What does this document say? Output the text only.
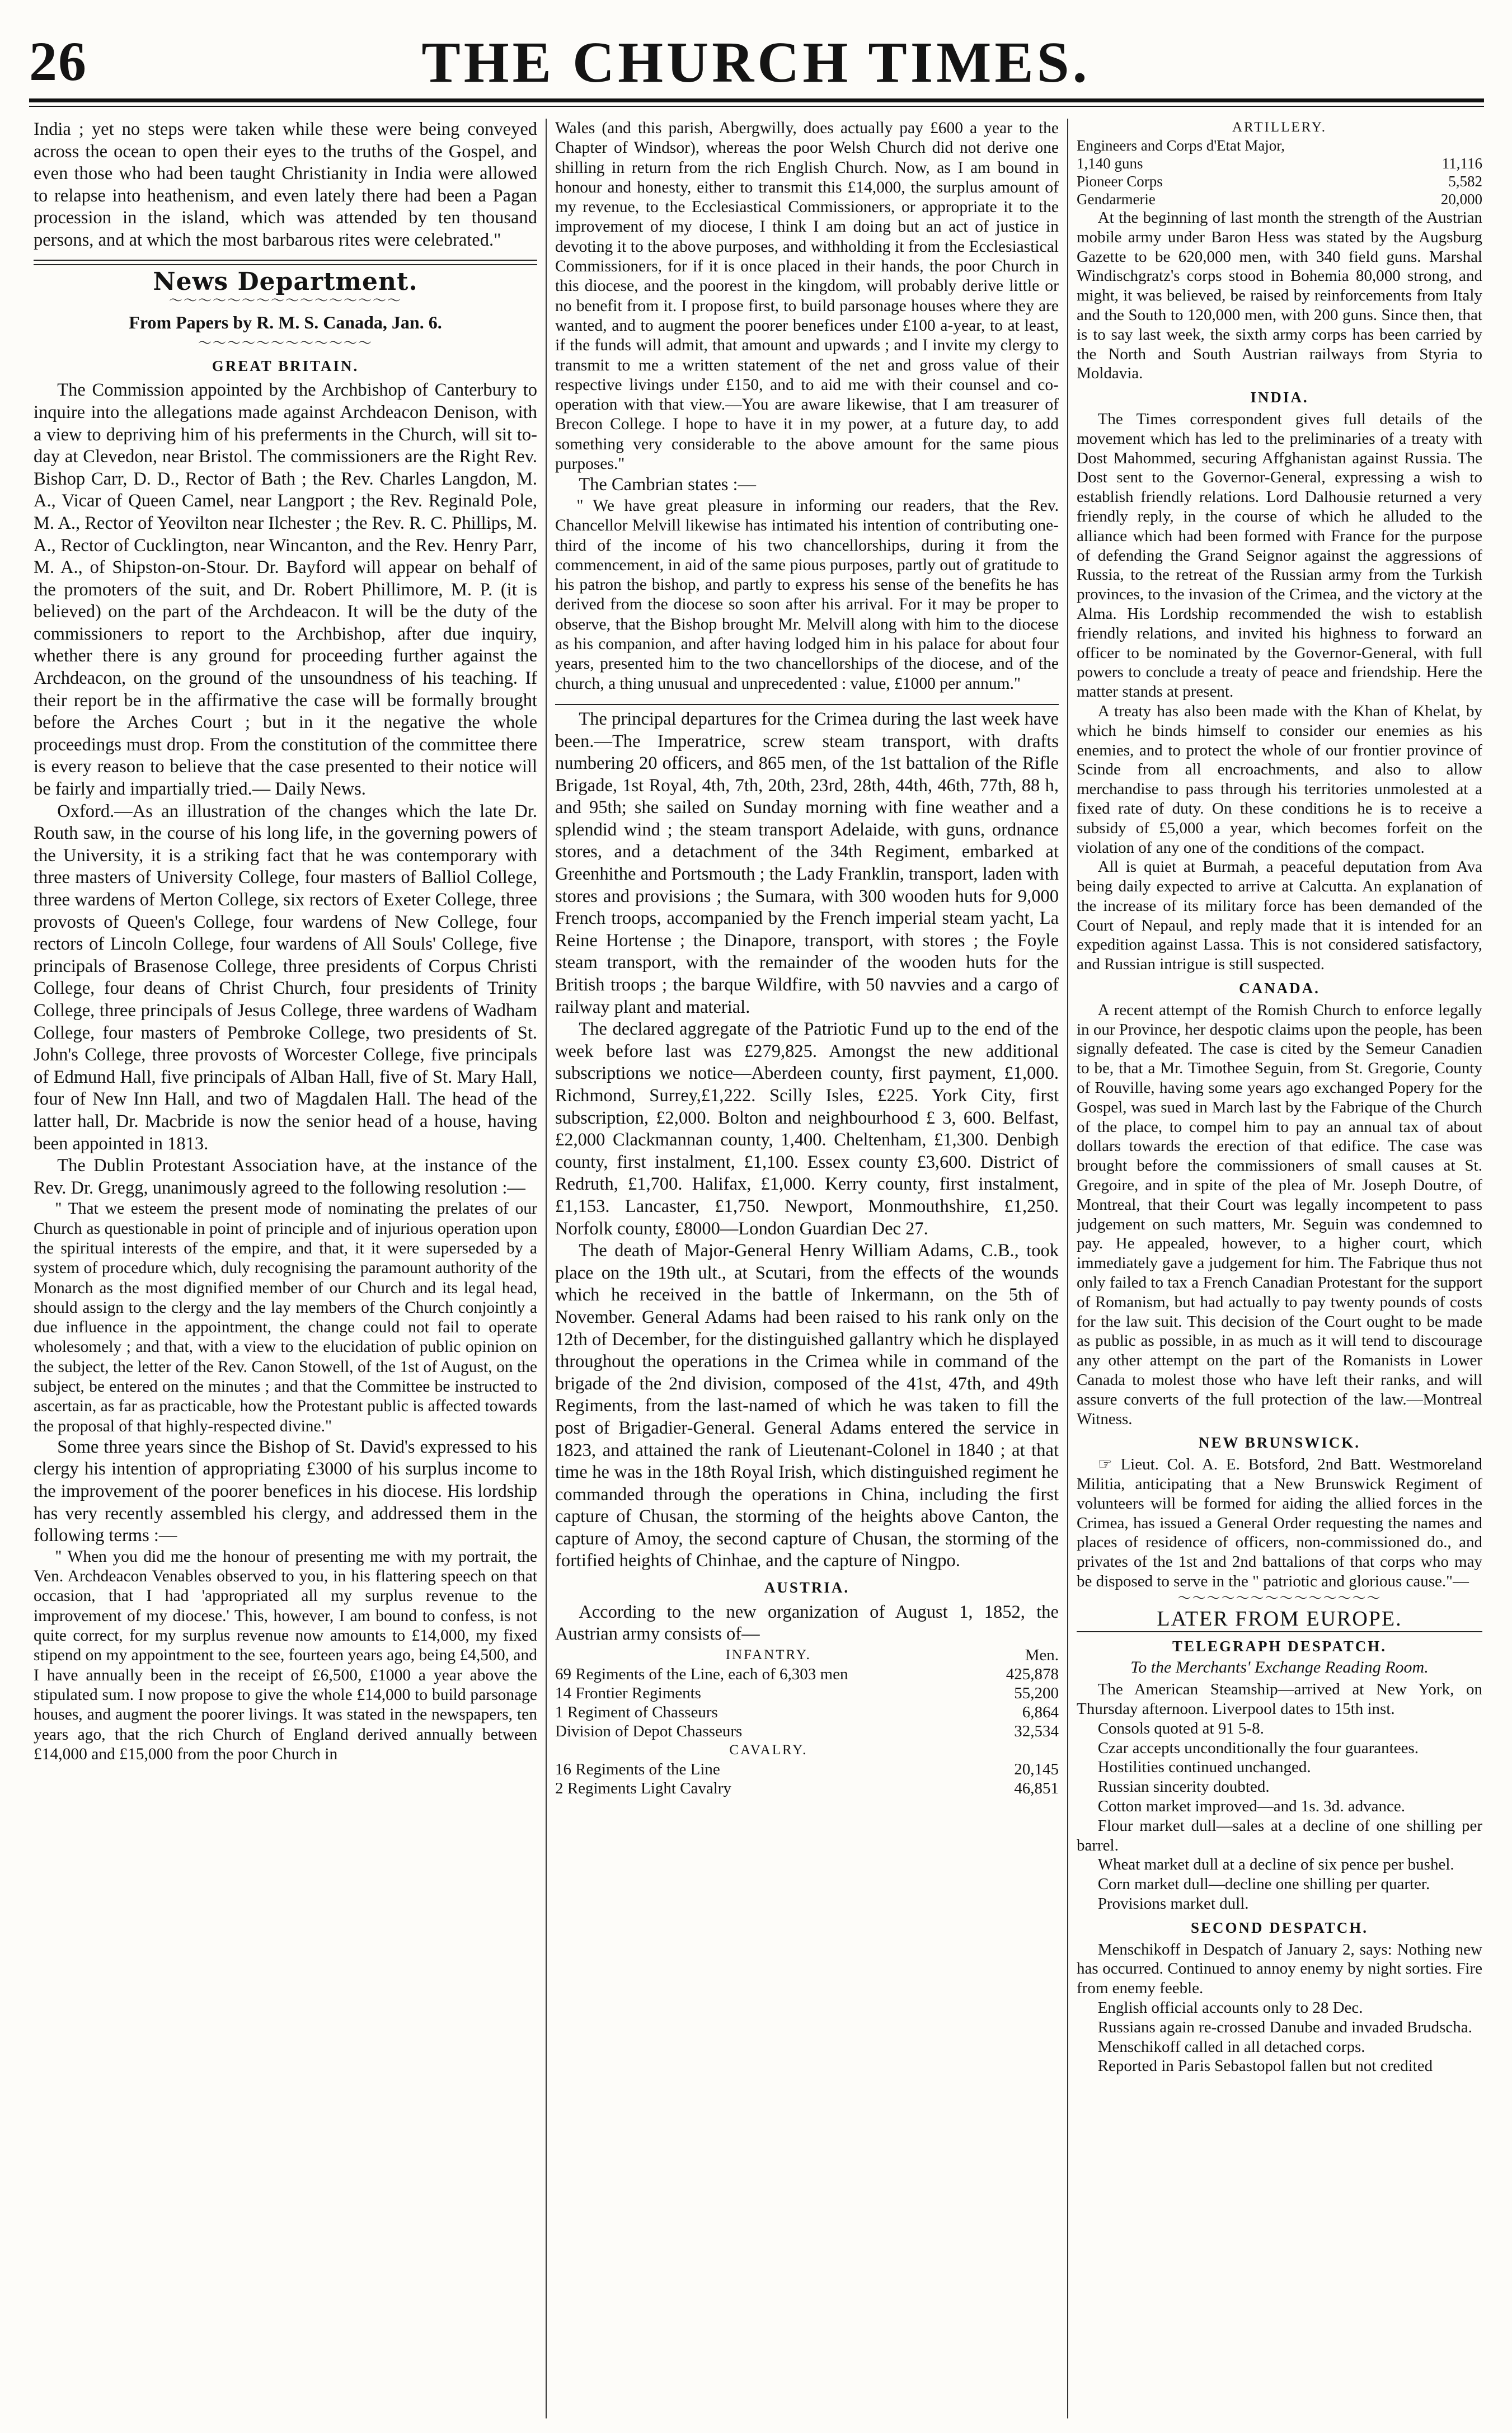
26	THE CHURCH TIMES.

India ; yet no steps were taken while these were being conveyed across the ocean to open their eyes to the truths of the Gospel, and even those who had been taught Christianity in India were allowed to relapse into heathenism, and even lately there had been a Pagan procession in the island, which was attended by ten thousand persons, and at which the most barbarous rites were celebrated."

News Department.
〜〜〜〜〜〜〜〜〜〜〜〜〜〜〜〜
From Papers by R. M. S. Canada, Jan. 6.
〜〜〜〜〜〜〜〜〜〜〜〜
GREAT BRITAIN.

The Commission appointed by the Archbishop of Canterbury to inquire into the allegations made against Archdeacon Denison, with a view to depriving him of his preferments in the Church, will sit to-day at Clevedon, near Bristol. The commissioners are the Right Rev. Bishop Carr, D. D., Rector of Bath ; the Rev. Charles Langdon, M. A., Vicar of Queen Camel, near Langport ; the Rev. Reginald Pole, M. A., Rector of Yeovilton near Ilchester ; the Rev. R. C. Phillips, M. A., Rector of Cucklington, near Wincanton, and the Rev. Henry Parr, M. A., of Shipston-on-Stour. Dr. Bayford will appear on behalf of the promoters of the suit, and Dr. Robert Phillimore, M. P. (it is believed) on the part of the Archdeacon. It will be the duty of the commissioners to report to the Archbishop, after due inquiry, whether there is any ground for proceeding further against the Archdeacon, on the ground of the unsoundness of his teaching. If their report be in the affirmative the case will be formally brought before the Arches Court ; but in it the negative the whole proceedings must drop. From the constitution of the committee there is every reason to believe that the case presented to their notice will be fairly and impartially tried.— Daily News.

Oxford.—As an illustration of the changes which the late Dr. Routh saw, in the course of his long life, in the governing powers of the University, it is a striking fact that he was contemporary with three masters of University College, four masters of Balliol College, three wardens of Merton College, six rectors of Exeter College, three provosts of Queen's College, four wardens of New College, four rectors of Lincoln College, four wardens of All Souls' College, five principals of Brasenose College, three presidents of Corpus Christi College, four deans of Christ Church, four presidents of Trinity College, three principals of Jesus College, three wardens of Wadham College, four masters of Pembroke College, two presidents of St. John's College, three provosts of Worcester College, five principals of Edmund Hall, five principals of Alban Hall, five of St. Mary Hall, four of New Inn Hall, and two of Magdalen Hall. The head of the latter hall, Dr. Macbride is now the senior head of a house, having been appointed in 1813.

The Dublin Protestant Association have, at the instance of the Rev. Dr. Gregg, unanimously agreed to the following resolution :—

" That we esteem the present mode of nominating the prelates of our Church as questionable in point of principle and of injurious operation upon the spiritual interests of the empire, and that, it it were superseded by a system of procedure which, duly recognising the paramount authority of the Monarch as the most dignified member of our Church and its legal head, should assign to the clergy and the lay members of the Church conjointly a due influence in the appointment, the change could not fail to operate wholesomely ; and that, with a view to the elucidation of public opinion on the subject, the letter of the Rev. Canon Stowell, of the 1st of August, on the subject, be entered on the minutes ; and that the Committee be instructed to ascertain, as far as practicable, how the Protestant public is affected towards the proposal of that highly-respected divine."

Some three years since the Bishop of St. David's expressed to his clergy his intention of appropriating £3000 of his surplus income to the improvement of the poorer benefices in his diocese. His lordship has very recently assembled his clergy, and addressed them in the following terms :—

" When you did me the honour of presenting me with my portrait, the Ven. Archdeacon Venables observed to you, in his flattering speech on that occasion, that I had 'appropriated all my surplus revenue to the improvement of my diocese.' This, however, I am bound to confess, is not quite correct, for my surplus revenue now amounts to £14,000, my fixed stipend on my appointment to the see, fourteen years ago, being £4,500, and I have annually been in the receipt of £6,500, £1000 a year above the stipulated sum. I now propose to give the whole £14,000 to build parsonage houses, and augment the poorer livings. It was stated in the newspapers, ten years ago, that the rich Church of England derived annually between £14,000 and £15,000 from the poor Church in

Wales (and this parish, Abergwilly, does actually pay £600 a year to the Chapter of Windsor), whereas the poor Welsh Church did not derive one shilling in return from the rich English Church. Now, as I am bound in honour and honesty, either to transmit this £14,000, the surplus amount of my revenue, to the Ecclesiastical Commissioners, or appropriate it to the improvement of my diocese, I think I am doing but an act of justice in devoting it to the above purposes, and withholding it from the Ecclesiastical Commissioners, for if it is once placed in their hands, the poor Church in this diocese, and the poorest in the kingdom, will probably derive little or no benefit from it. I propose first, to build parsonage houses where they are wanted, and to augment the poorer benefices under £100 a-year, to at least, if the funds will admit, that amount and upwards ; and I invite my clergy to transmit to me a written statement of the net and gross value of their respective livings under £150, and to aid me with their counsel and co-operation with that view.—You are aware likewise, that I am treasurer of Brecon College. I hope to have it in my power, at a future day, to add something very considerable to the above amount for the same pious purposes."

The Cambrian states :—

" We have great pleasure in informing our readers, that the Rev. Chancellor Melvill likewise has intimated his intention of contributing one-third of the income of his two chancellorships, during it from the commencement, in aid of the same pious purposes, partly out of gratitude to his patron the bishop, and partly to express his sense of the benefits he has derived from the diocese so soon after his arrival. For it may be proper to observe, that the Bishop brought Mr. Melvill along with him to the diocese as his companion, and after having lodged him in his palace for about four years, presented him to the two chancellorships of the diocese, and of the church, a thing unusual and unprecedented : value, £1000 per annum."

The principal departures for the Crimea during the last week have been.—The Imperatrice, screw steam transport, with drafts numbering 20 officers, and 865 men, of the 1st battalion of the Rifle Brigade, 1st Royal, 4th, 7th, 20th, 23rd, 28th, 44th, 46th, 77th, 88 h, and 95th; she sailed on Sunday morning with fine weather and a splendid wind ; the steam transport Adelaide, with guns, ordnance stores, and a detachment of the 34th Regiment, embarked at Greenhithe and Portsmouth ; the Lady Franklin, transport, laden with stores and provisions ; the Sumara, with 300 wooden huts for 9,000 French troops, accompanied by the French imperial steam yacht, La Reine Hortense ; the Dinapore, transport, with stores ; the Foyle steam transport, with the remainder of the wooden huts for the British troops ; the barque Wildfire, with 50 navvies and a cargo of railway plant and material.

The declared aggregate of the Patriotic Fund up to the end of the week before last was £279,825. Amongst the new additional subscriptions we notice—Aberdeen county, first payment, £1,000. Richmond, Surrey,£1,222. Scilly Isles, £225. York City, first subscription, £2,000. Bolton and neighbourhood £ 3, 600. Belfast, £2,000 Clackmannan county, 1,400. Cheltenham, £1,300. Denbigh county, first instalment, £1,100. Essex county £3,600. District of Redruth, £1,700. Halifax, £1,000. Kerry county, first instalment, £1,153. Lancaster, £1,750. Newport, Monmouthshire, £1,250. Norfolk county, £8000—London Guardian Dec 27.

The death of Major-General Henry William Adams, C.B., took place on the 19th ult., at Scutari, from the effects of the wounds which he received in the battle of Inkermann, on the 5th of November. General Adams had been raised to his rank only on the 12th of December, for the distinguished gallantry which he displayed throughout the operations in the Crimea while in command of the brigade of the 2nd division, composed of the 41st, 47th, and 49th Regiments, from the last-named of which he was taken to fill the post of Brigadier-General. General Adams entered the service in 1823, and attained the rank of Lieutenant-Colonel in 1840 ; at that time he was in the 18th Royal Irish, which distinguished regiment he commanded through the operations in China, including the first capture of Chusan, the storming of the heights above Canton, the capture of Amoy, the second capture of Chusan, the storming of the fortified heights of Chinhae, and the capture of Ningpo.

AUSTRIA.

According to the new organization of August 1, 1852, the Austrian army consists of—

INFANTRY.	Men.
69 Regiments of the Line, each of 6,303 men	425,878
14 Frontier Regiments	55,200
1 Regiment of Chasseurs	6,864
Division of Depot Chasseurs	32,534
CAVALRY.	
16 Regiments of the Line	20,145
2 Regiments Light Cavalry	46,851
ARTILLERY.	
Engineers and Corps d'Etat Major,	
1,140 guns	11,116
Pioneer Corps	5,582
Gendarmerie	20,000

At the beginning of last month the strength of the Austrian mobile army under Baron Hess was stated by the Augsburg Gazette to be 620,000 men, with 340 field guns. Marshal Windischgratz's corps stood in Bohemia 80,000 strong, and might, it was believed, be raised by reinforcements from Italy and the South to 120,000 men, with 200 guns. Since then, that is to say last week, the sixth army corps has been carried by the North and South Austrian railways from Styria to Moldavia.

INDIA.

The Times correspondent gives full details of the movement which has led to the preliminaries of a treaty with Dost Mahommed, securing Affghanistan against Russia. The Dost sent to the Governor-General, expressing a wish to establish friendly relations. Lord Dalhousie returned a very friendly reply, in the course of which he alluded to the alliance which had been formed with France for the purpose of defending the Grand Seignor against the aggressions of Russia, to the retreat of the Russian army from the Turkish provinces, to the invasion of the Crimea, and the victory at the Alma. His Lordship recommended the wish to establish friendly relations, and invited his highness to forward an officer to be nominated by the Governor-General, with full powers to conclude a treaty of peace and friendship. Here the matter stands at present.

A treaty has also been made with the Khan of Khelat, by which he binds himself to consider our enemies as his enemies, and to protect the whole of our frontier province of Scinde from all encroachments, and also to allow merchandise to pass through his territories unmolested at a fixed rate of duty. On these conditions he is to receive a subsidy of £5,000 a year, which becomes forfeit on the violation of any one of the conditions of the compact.

All is quiet at Burmah, a peaceful deputation from Ava being daily expected to arrive at Calcutta. An explanation of the increase of its military force has been demanded of the Court of Nepaul, and reply made that it is intended for an expedition against Lassa. This is not considered satisfactory, and Russian intrigue is still suspected.

CANADA.

A recent attempt of the Romish Church to enforce legally in our Province, her despotic claims upon the people, has been signally defeated. The case is cited by the Semeur Canadien to be, that a Mr. Timothee Seguin, from St. Gregorie, County of Rouville, having some years ago exchanged Popery for the Gospel, was sued in March last by the Fabrique of the Church of the place, to compel him to pay an annual tax of about dollars towards the erection of that edifice. The case was brought before the commissioners of small causes at St. Gregoire, and in spite of the plea of Mr. Joseph Doutre, of Montreal, that their Court was legally incompetent to pass judgement on such matters, Mr. Seguin was condemned to pay. He appealed, however, to a higher court, which immediately gave a judgement for him. The Fabrique thus not only failed to tax a French Canadian Protestant for the support of Romanism, but had actually to pay twenty pounds of costs for the law suit. This decision of the Court ought to be made as public as possible, in as much as it will tend to discourage any other attempt on the part of the Romanists in Lower Canada to molest those who have left their ranks, and will assure converts of the full protection of the law.—Montreal Witness.

NEW BRUNSWICK.

☞ Lieut. Col. A. E. Botsford, 2nd Batt. Westmoreland Militia, anticipating that a New Brunswick Regiment of volunteers will be formed for aiding the allied forces in the Crimea, has issued a General Order requesting the names and places of residence of officers, non-commissioned do., and privates of the 1st and 2nd battalions of that corps who may be disposed to serve in the " patriotic and glorious cause."—

〜〜〜〜〜〜〜〜〜〜〜〜〜〜
LATER FROM EUROPE.
TELEGRAPH DESPATCH.
To the Merchants' Exchange Reading Room.

The American Steamship—arrived at New York, on Thursday afternoon. Liverpool dates to 15th inst.

Consols quoted at 91 5-8.

Czar accepts unconditionally the four guarantees.

Hostilities continued unchanged.

Russian sincerity doubted.

Cotton market improved—and 1s. 3d. advance.

Flour market dull—sales at a decline of one shilling per barrel.

Wheat market dull at a decline of six pence per bushel.

Corn market dull—decline one shilling per quarter.

Provisions market dull.

SECOND DESPATCH.

Menschikoff in Despatch of January 2, says: Nothing new has occurred. Continued to annoy enemy by night sorties. Fire from enemy feeble.

English official accounts only to 28 Dec.

Russians again re-crossed Danube and invaded Brudscha.

Menschikoff called in all detached corps.

Reported in Paris Sebastopol fallen but not credited
